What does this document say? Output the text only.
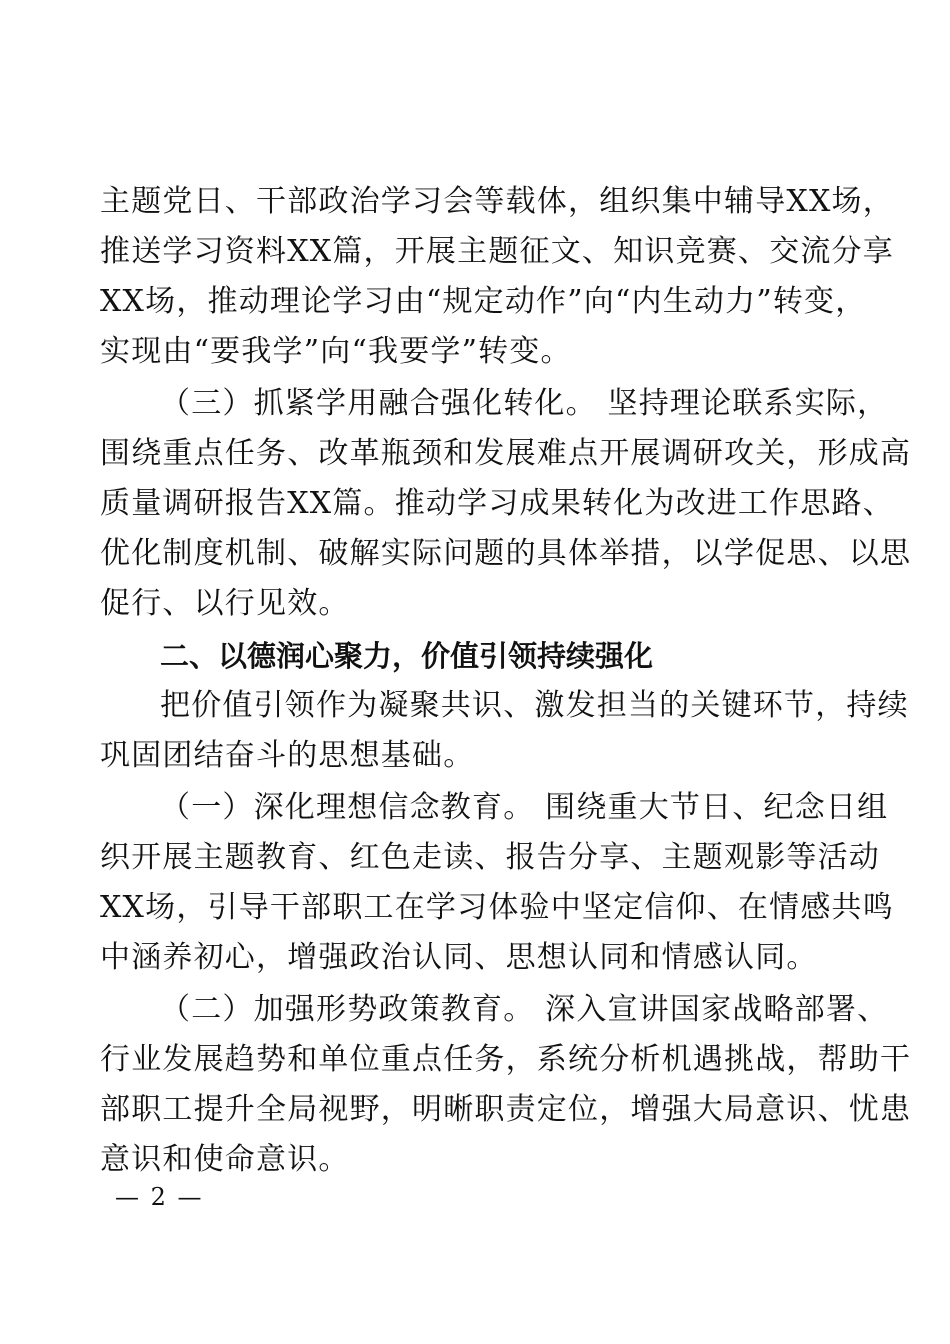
主题党日、干部政治学习会等载体，组织集中辅导XX场，
推送学习资料XX篇，开展主题征文、知识竞赛、交流分享
XX场，推动理论学习由“规定动作”向“内生动力”转变，
实现由“要我学”向“我要学”转变。
（三）抓紧学用融合强化转化。 坚持理论联系实际，
围绕重点任务、改革瓶颈和发展难点开展调研攻关，形成高
质量调研报告XX篇。推动学习成果转化为改进工作思路、
优化制度机制、破解实际问题的具体举措，以学促思、以思
促行、以行见效。
二、以德润心聚力，价值引领持续强化
把价值引领作为凝聚共识、激发担当的关键环节，持续
巩固团结奋斗的思想基础。
（一）深化理想信念教育。 围绕重大节日、纪念日组
织开展主题教育、红色走读、报告分享、主题观影等活动
XX场，引导干部职工在学习体验中坚定信仰、在情感共鸣
中涵养初心，增强政治认同、思想认同和情感认同。
（二）加强形势政策教育。 深入宣讲国家战略部署、
行业发展趋势和单位重点任务，系统分析机遇挑战，帮助干
部职工提升全局视野，明晰职责定位，增强大局意识、忧患
意识和使命意识。
— 2 —
